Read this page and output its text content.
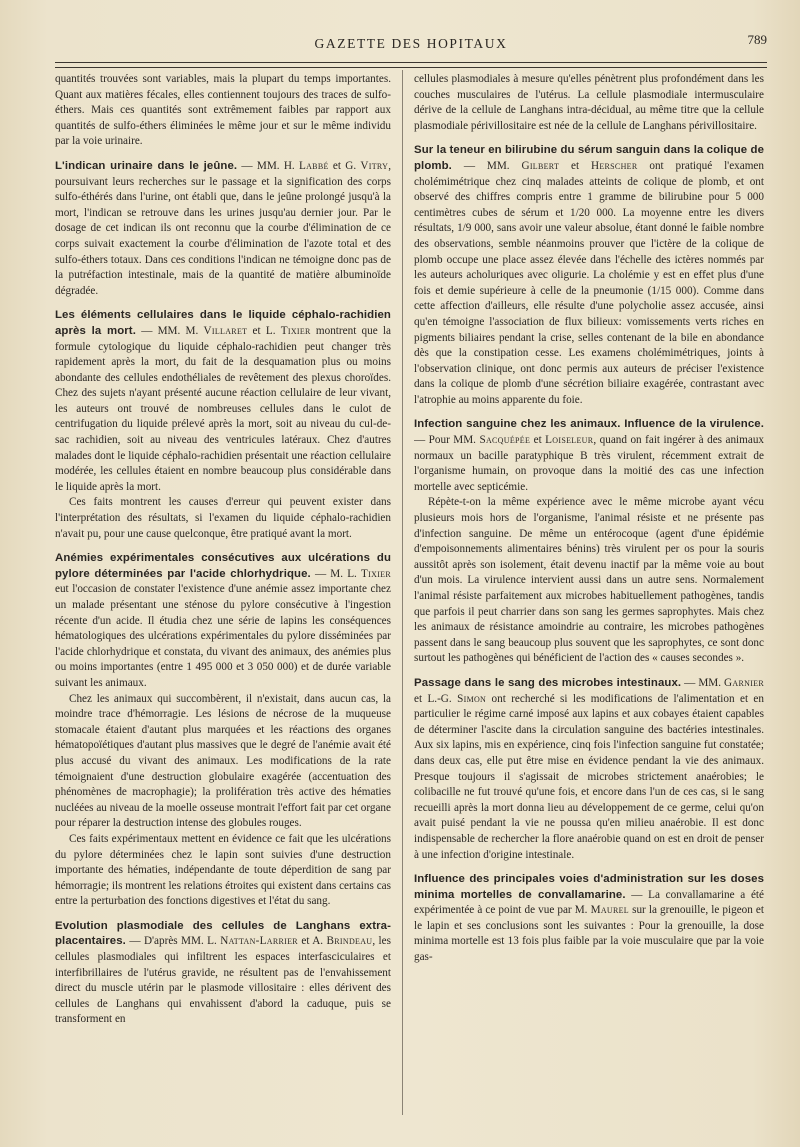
GAZETTE DES HOPITAUX	789

quantités trouvées sont variables, mais la plupart du temps importantes. Quant aux matières fécales, elles contiennent toujours des traces de sulfo-éthers. Mais ces quantités sont extrêmement faibles par rapport aux quantités de sulfo-éthers éliminées le même jour et sur le même individu par la voie urinaire.

L'indican urinaire dans le jeûne. — MM. H. Labbé et G. Vitry, poursuivant leurs recherches sur le passage et la signification des corps sulfo-éthérés dans l'urine, ont établi que, dans le jeûne prolongé jusqu'à la mort, l'indican se retrouve dans les urines jusqu'au dernier jour. Par le dosage de cet indican ils ont reconnu que la courbe d'élimination de ce corps suivait exactement la courbe d'élimination de l'azote total et des sulfo-éthers totaux. Dans ces conditions l'indican ne témoigne donc pas de la putréfaction intestinale, mais de la quantité de matière albuminoïde dégradée.

Les éléments cellulaires dans le liquide céphalo-rachidien après la mort. — MM. M. Villaret et L. Tixier montrent que la formule cytologique du liquide céphalo-rachidien peut changer très rapidement après la mort, du fait de la desquamation plus ou moins abondante des cellules endothéliales de revêtement des plexus choroïdes. Chez des sujets n'ayant présenté aucune réaction cellulaire de leur vivant, les auteurs ont trouvé de nombreuses cellules dans le culot de centrifugation du liquide prélevé après la mort, soit au niveau du cul-de-sac rachidien, soit au niveau des ventricules latéraux. Chez d'autres malades dont le liquide céphalo-rachidien présentait une réaction cellulaire modérée, les cellules étaient en nombre beaucoup plus considérable dans le liquide après la mort.

Ces faits montrent les causes d'erreur qui peuvent exister dans l'interprétation des résultats, si l'examen du liquide céphalo-rachidien n'avait pu, pour une cause quelconque, être pratiqué avant la mort.

Anémies expérimentales consécutives aux ulcérations du pylore déterminées par l'acide chlorhydrique. — M. L. Tixier eut l'occasion de constater l'existence d'une anémie assez importante chez un malade présentant une sténose du pylore consécutive à l'ingestion récente d'un acide. Il étudia chez une série de lapins les conséquences hématologiques des ulcérations expérimentales du pylore disséminées par l'acide chlorhydrique et constata, du vivant des animaux, des anémies plus ou moins importantes (entre 1 495 000 et 3 050 000) et de durée variable suivant les animaux.

Chez les animaux qui succombèrent, il n'existait, dans aucun cas, la moindre trace d'hémorragie. Les lésions de nécrose de la muqueuse stomacale étaient d'autant plus marquées et les réactions des organes hématopoïétiques d'autant plus massives que le degré de l'anémie avait été plus accusé du vivant des animaux. Les modifications de la rate témoignaient d'une destruction globulaire exagérée (accentuation des phénomènes de macrophagie); la prolifération très active des hématies nucléées au niveau de la moelle osseuse montrait l'effort fait par cet organe pour réparer la destruction intense des globules rouges.

Ces faits expérimentaux mettent en évidence ce fait que les ulcérations du pylore déterminées chez le lapin sont suivies d'une destruction importante des hématies, indépendante de toute déperdition de sang par hémorragie; ils montrent les relations étroites qui existent dans certains cas entre la perturbation des fonctions digestives et l'état du sang.

Evolution plasmodiale des cellules de Langhans extra-placentaires. — D'après MM. L. Nattan-Larrier et A. Brindeau, les cellules plasmodiales qui infiltrent les espaces interfasciculaires et interfibrillaires de l'utérus gravide, ne résultent pas de l'envahissement direct du muscle utérin par le plasmode villositaire : elles dérivent des cellules de Langhans qui envahissent d'abord la caduque, puis se transforment en

cellules plasmodiales à mesure qu'elles pénètrent plus profondément dans les couches musculaires de l'utérus. La cellule plasmodiale intermusculaire dérive de la cellule de Langhans intra-décidual, au même titre que la cellule plasmodiale périvillositaire est née de la cellule de Langhans périvillositaire.

Sur la teneur en bilirubine du sérum sanguin dans la colique de plomb. — MM. Gilbert et Herscher ont pratiqué l'examen cholémimétrique chez cinq malades atteints de colique de plomb, et ont observé des chiffres compris entre 1 gramme de bilirubine pour 5 000 centimètres cubes de sérum et 1/20 000. La moyenne entre les divers résultats, 1/9 000, sans avoir une valeur absolue, étant donné le faible nombre des observations, semble néanmoins prouver que l'ictère de la colique de plomb occupe une place assez élevée dans l'échelle des ictères nommés par les auteurs acholuriques avec oligurie. La cholémie y est en effet plus d'une fois et demie supérieure à celle de la pneumonie (1/15 000). Comme dans cette affection d'ailleurs, elle résulte d'une polycholie assez accusée, ainsi qu'en témoigne l'association de flux bilieux: vomissements verts riches en pigments biliaires pendant la crise, selles contenant de la bile en abondance dès que la constipation cesse. Les examens cholémimétriques, joints à l'observation clinique, ont donc permis aux auteurs de préciser l'existence dans la colique de plomb d'une sécrétion biliaire exagérée, contrastant avec l'atrophie au moins apparente du foie.

Infection sanguine chez les animaux. Influence de la virulence. — Pour MM. Sacquépée et Loiseleur, quand on fait ingérer à des animaux normaux un bacille paratyphique B très virulent, récemment extrait de l'organisme humain, on provoque dans la moitié des cas une infection mortelle avec septicémie.

Répète-t-on la même expérience avec le même microbe ayant vécu plusieurs mois hors de l'organisme, l'animal résiste et ne présente pas d'infection sanguine. De même un entérocoque (agent d'une épidémie d'empoisonnements alimentaires bénins) très virulent per os pour la souris aussitôt après son isolement, était devenu inactif par la même voie au bout d'un mois. La virulence intervient aussi dans un autre sens. Normalement l'animal résiste parfaitement aux microbes habituellement pathogènes, tandis que parfois il peut charrier dans son sang les germes saprophytes. Mais chez les animaux de résistance amoindrie au contraire, les microbes pathogènes passent dans le sang beaucoup plus souvent que les saprophytes, ce sont donc surtout les pathogènes qui bénéficient de l'action des « causes secondes ».

Passage dans le sang des microbes intestinaux. — MM. Garnier et L.-G. Simon ont recherché si les modifications de l'alimentation et en particulier le régime carné imposé aux lapins et aux cobayes étaient capables de déterminer l'ascite dans la circulation sanguine des bactéries intestinales. Aux six lapins, mis en expérience, cinq fois l'infection sanguine fut constatée; dans deux cas, elle put être mise en évidence pendant la vie des animaux. Presque toujours il s'agissait de microbes strictement anaérobies; le colibacille ne fut trouvé qu'une fois, et encore dans l'un de ces cas, si le sang recueilli après la mort donna lieu au développement de ce germe, celui qu'on avait puisé pendant la vie ne poussa qu'en milieu anaérobie. Il est donc indispensable de rechercher la flore anaérobie quand on est en droit de penser à une infection d'origine intestinale.

Influence des principales voies d'administration sur les doses minima mortelles de convallamarine. — La convallamarine a été expérimentée à ce point de vue par M. Maurel sur la grenouille, le pigeon et le lapin et ses conclusions sont les suivantes : Pour la grenouille, la dose minima mortelle est 13 fois plus faible par la voie musculaire que par la voie gas-
